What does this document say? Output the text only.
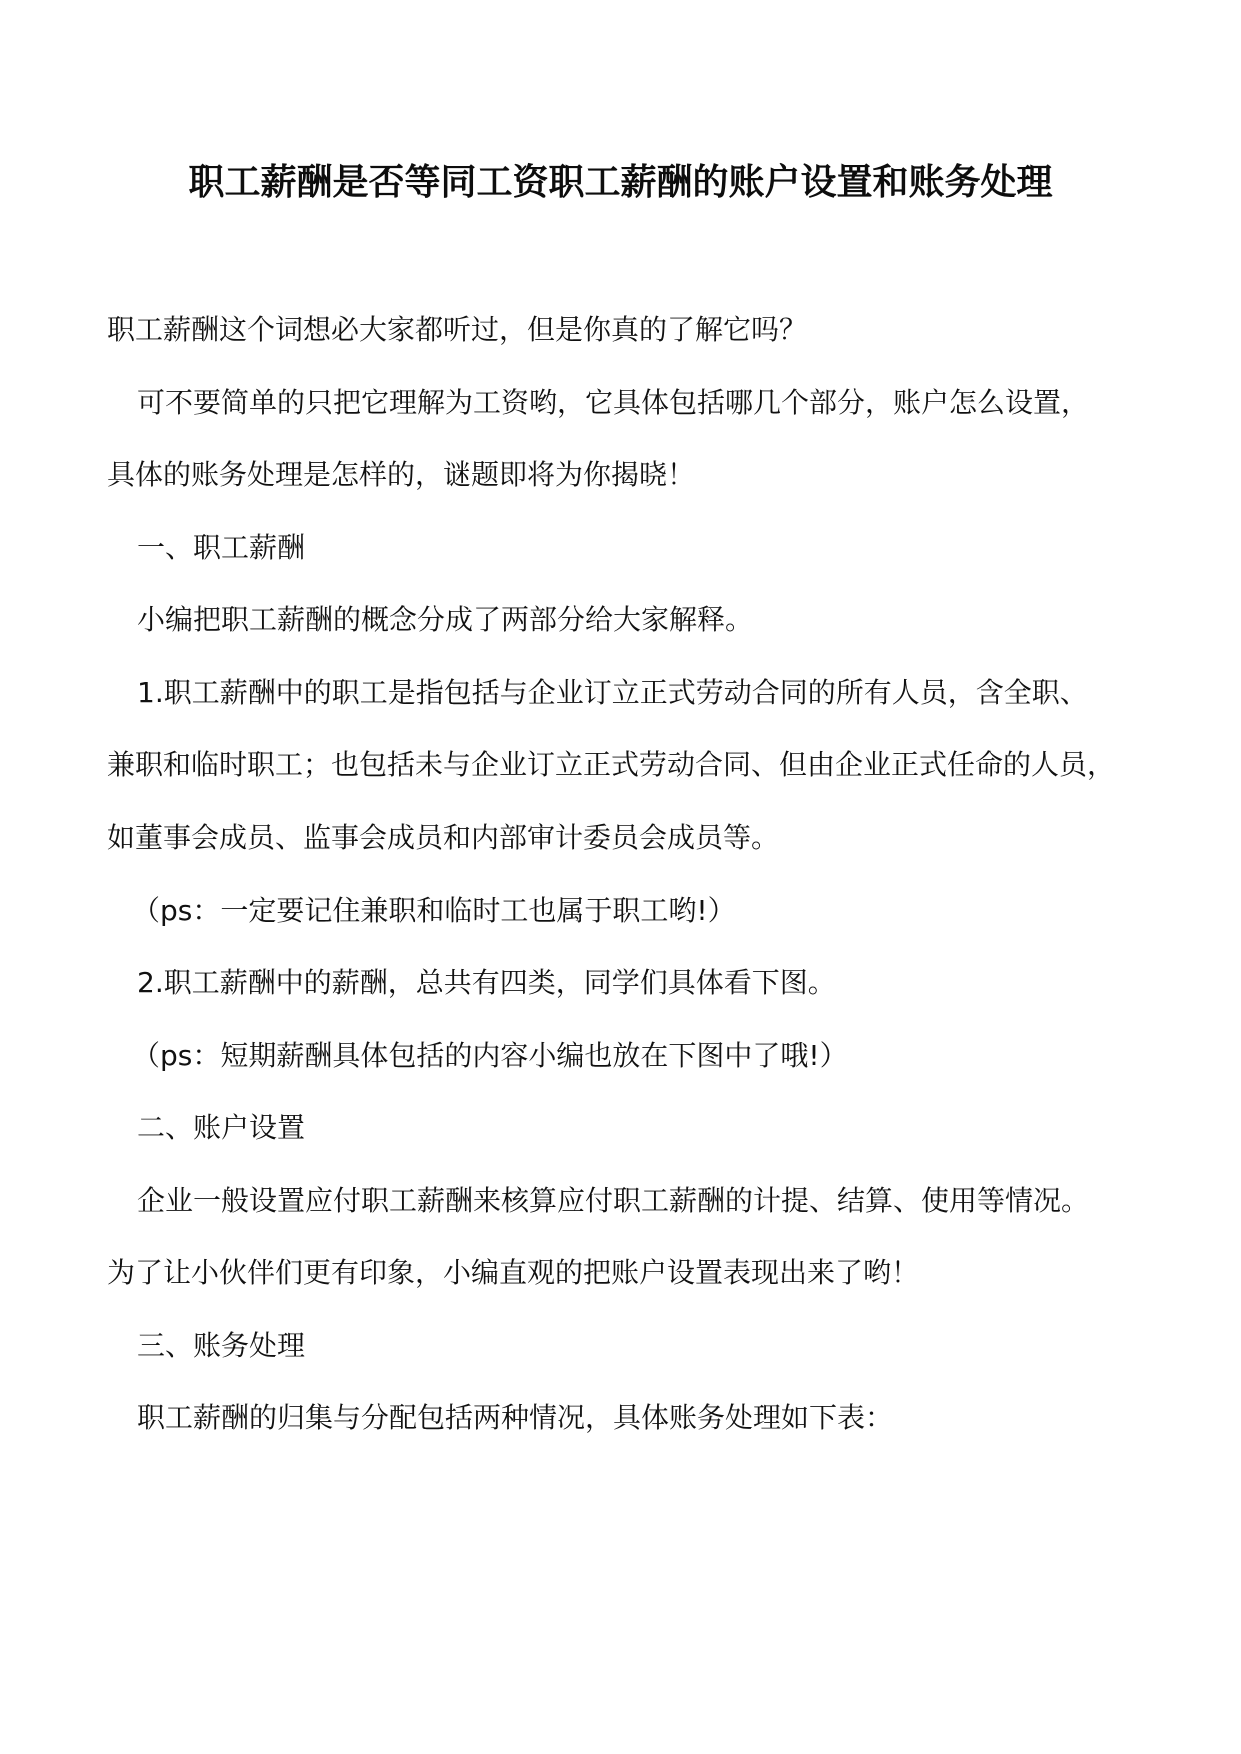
职工薪酬是否等同工资职工薪酬的账户设置和账务处理
职工薪酬这个词想必大家都听过，但是你真的了解它吗？
可不要简单的只把它理解为工资哟，它具体包括哪几个部分，账户怎么设置，
具体的账务处理是怎样的，谜题即将为你揭晓！
一、职工薪酬
小编把职工薪酬的概念分成了两部分给大家解释。
1.职工薪酬中的职工是指包括与企业订立正式劳动合同的所有人员，含全职、
兼职和临时职工；也包括未与企业订立正式劳动合同、但由企业正式任命的人员，
如董事会成员、监事会成员和内部审计委员会成员等。
（ps：一定要记住兼职和临时工也属于职工哟!）
2.职工薪酬中的薪酬，总共有四类，同学们具体看下图。
（ps：短期薪酬具体包括的内容小编也放在下图中了哦!）
二、账户设置
企业一般设置应付职工薪酬来核算应付职工薪酬的计提、结算、使用等情况。
为了让小伙伴们更有印象，小编直观的把账户设置表现出来了哟！
三、账务处理
职工薪酬的归集与分配包括两种情况，具体账务处理如下表：
